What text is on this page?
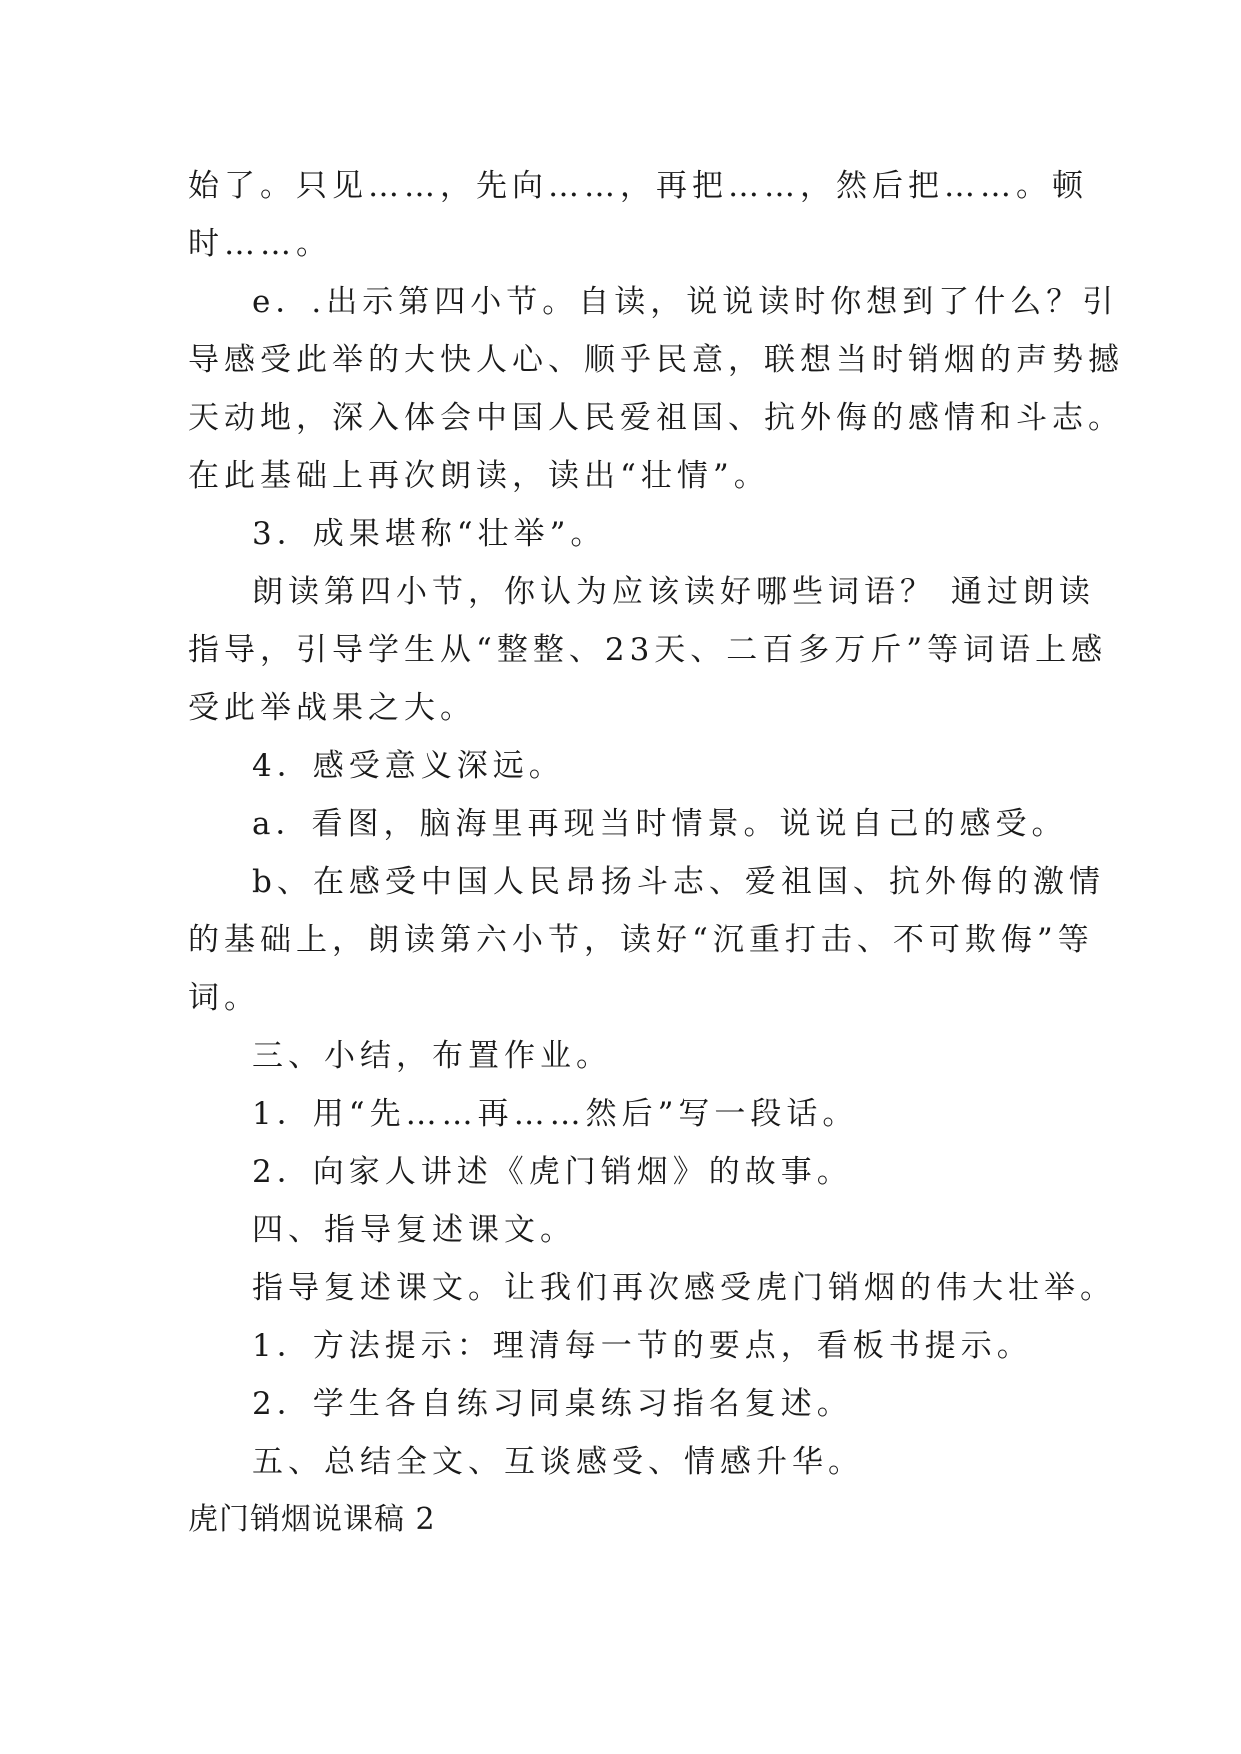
始了。只见……，先向……，再把……，然后把……。顿

时……。

e．.出示第四小节。自读，说说读时你想到了什么？引

导感受此举的大快人心、顺乎民意，联想当时销烟的声势撼

天动地，深入体会中国人民爱祖国、抗外侮的感情和斗志。

在此基础上再次朗读，读出“壮情”。

3．成果堪称“壮举”。

朗读第四小节，你认为应该读好哪些词语？ 通过朗读

指导，引导学生从“整整、23天、二百多万斤”等词语上感

受此举战果之大。

4．感受意义深远。

a．看图，脑海里再现当时情景。说说自己的感受。

b、在感受中国人民昂扬斗志、爱祖国、抗外侮的激情

的基础上，朗读第六小节，读好“沉重打击、不可欺侮”等

词。

三、小结，布置作业。

1．用“先……再……然后”写一段话。

2．向家人讲述《虎门销烟》的故事。

四、指导复述课文。

指导复述课文。让我们再次感受虎门销烟的伟大壮举。

1．方法提示：理清每一节的要点，看板书提示。

2．学生各自练习同桌练习指名复述。

五、总结全文、互谈感受、情感升华。

虎门销烟说课稿 2
